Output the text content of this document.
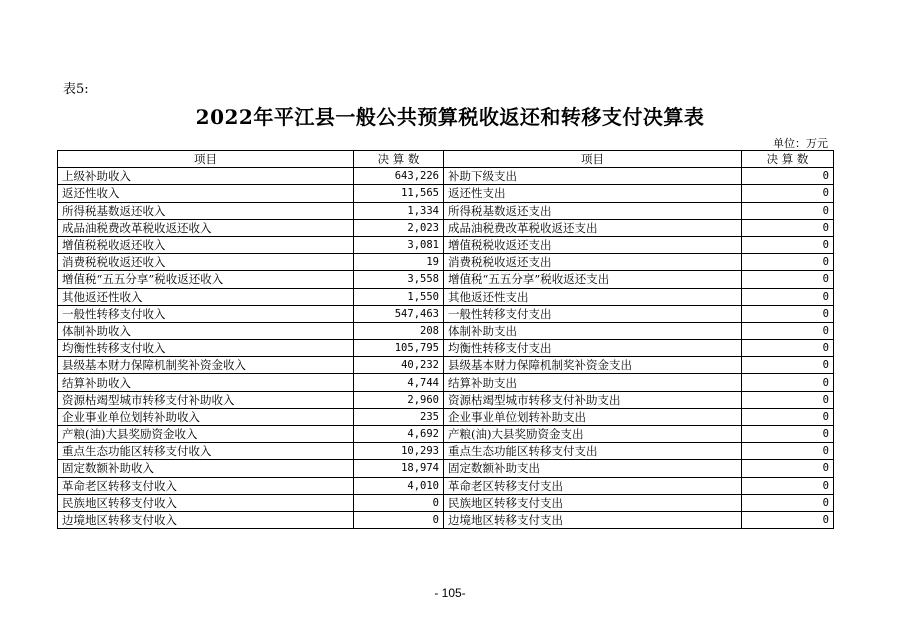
表5:
2022年平江县一般公共预算税收返还和转移支付决算表
单位：万元
项目	决 算 数	项目	决 算 数
上级补助收入	643,226	补助下级支出	0
返还性收入	11,565	返还性支出	0
所得税基数返还收入	1,334	所得税基数返还支出	0
成品油税费改革税收返还收入	2,023	成品油税费改革税收返还支出	0
增值税税收返还收入	3,081	增值税税收返还支出	0
消费税税收返还收入	19	消费税税收返还支出	0
增值税“五五分享”税收返还收入	3,558	增值税“五五分享”税收返还支出	0
其他返还性收入	1,550	其他返还性支出	0
一般性转移支付收入	547,463	一般性转移支付支出	0
体制补助收入	208	体制补助支出	0
均衡性转移支付收入	105,795	均衡性转移支付支出	0
县级基本财力保障机制奖补资金收入	40,232	县级基本财力保障机制奖补资金支出	0
结算补助收入	4,744	结算补助支出	0
资源枯竭型城市转移支付补助收入	2,960	资源枯竭型城市转移支付补助支出	0
企业事业单位划转补助收入	235	企业事业单位划转补助支出	0
产粮(油)大县奖励资金收入	4,692	产粮(油)大县奖励资金支出	0
重点生态功能区转移支付收入	10,293	重点生态功能区转移支付支出	0
固定数额补助收入	18,974	固定数额补助支出	0
革命老区转移支付收入	4,010	革命老区转移支付支出	0
民族地区转移支付收入	0	民族地区转移支付支出	0
边境地区转移支付收入	0	边境地区转移支付支出	0
- 105-
